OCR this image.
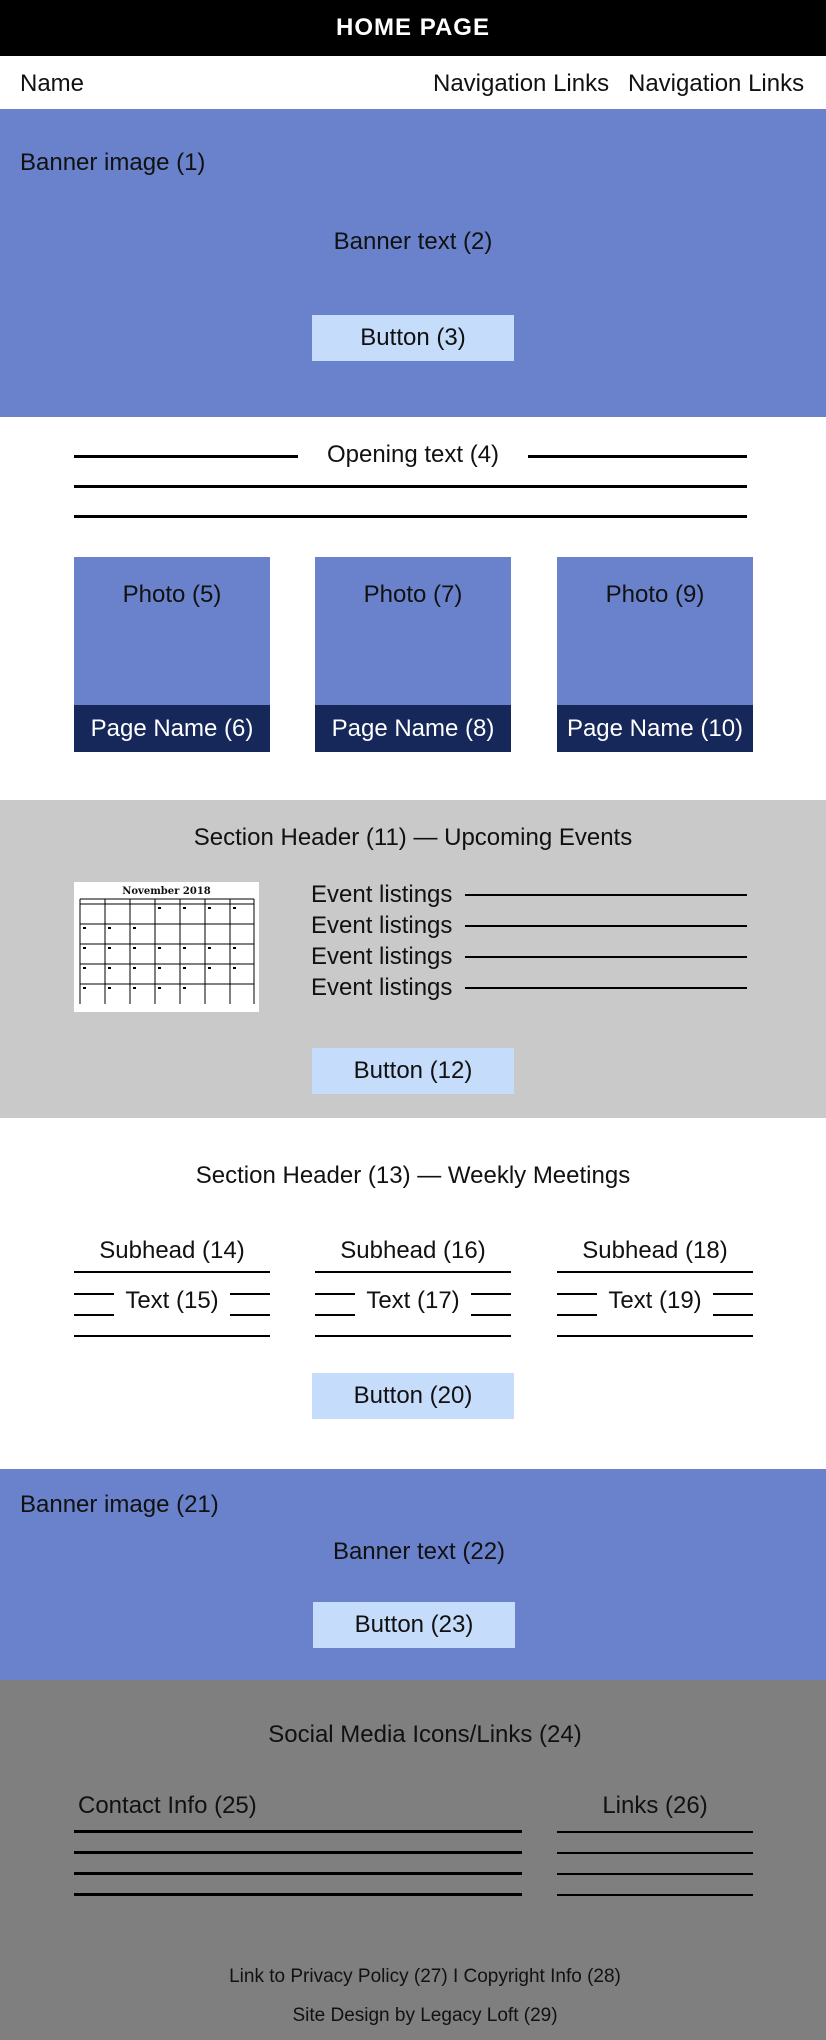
HOME PAGE
Name	Navigation Links Navigation Links
Banner image (1)
Banner text (2)
Button (3)
Opening text (4)
Photo (5)
Page Name (6)
Photo (7)
Page Name (8)
Photo (9)
Page Name (10)
Section Header (11) — Upcoming Events
November 2018	Event listings
Event listings
Event listings
Event listings
Button (12)
Section Header (13) — Weekly Meetings
Subhead (14)
Text (15)
Subhead (16)
Text (17)
Subhead (18)
Text (19)
Button (20)
Banner image (21)
Banner text (22)
Button (23)
Social Media Icons/Links (24)
Contact Info (25)	Links (26)
Link to Privacy Policy (27) I Copyright Info (28)
Site Design by Legacy Loft (29)
